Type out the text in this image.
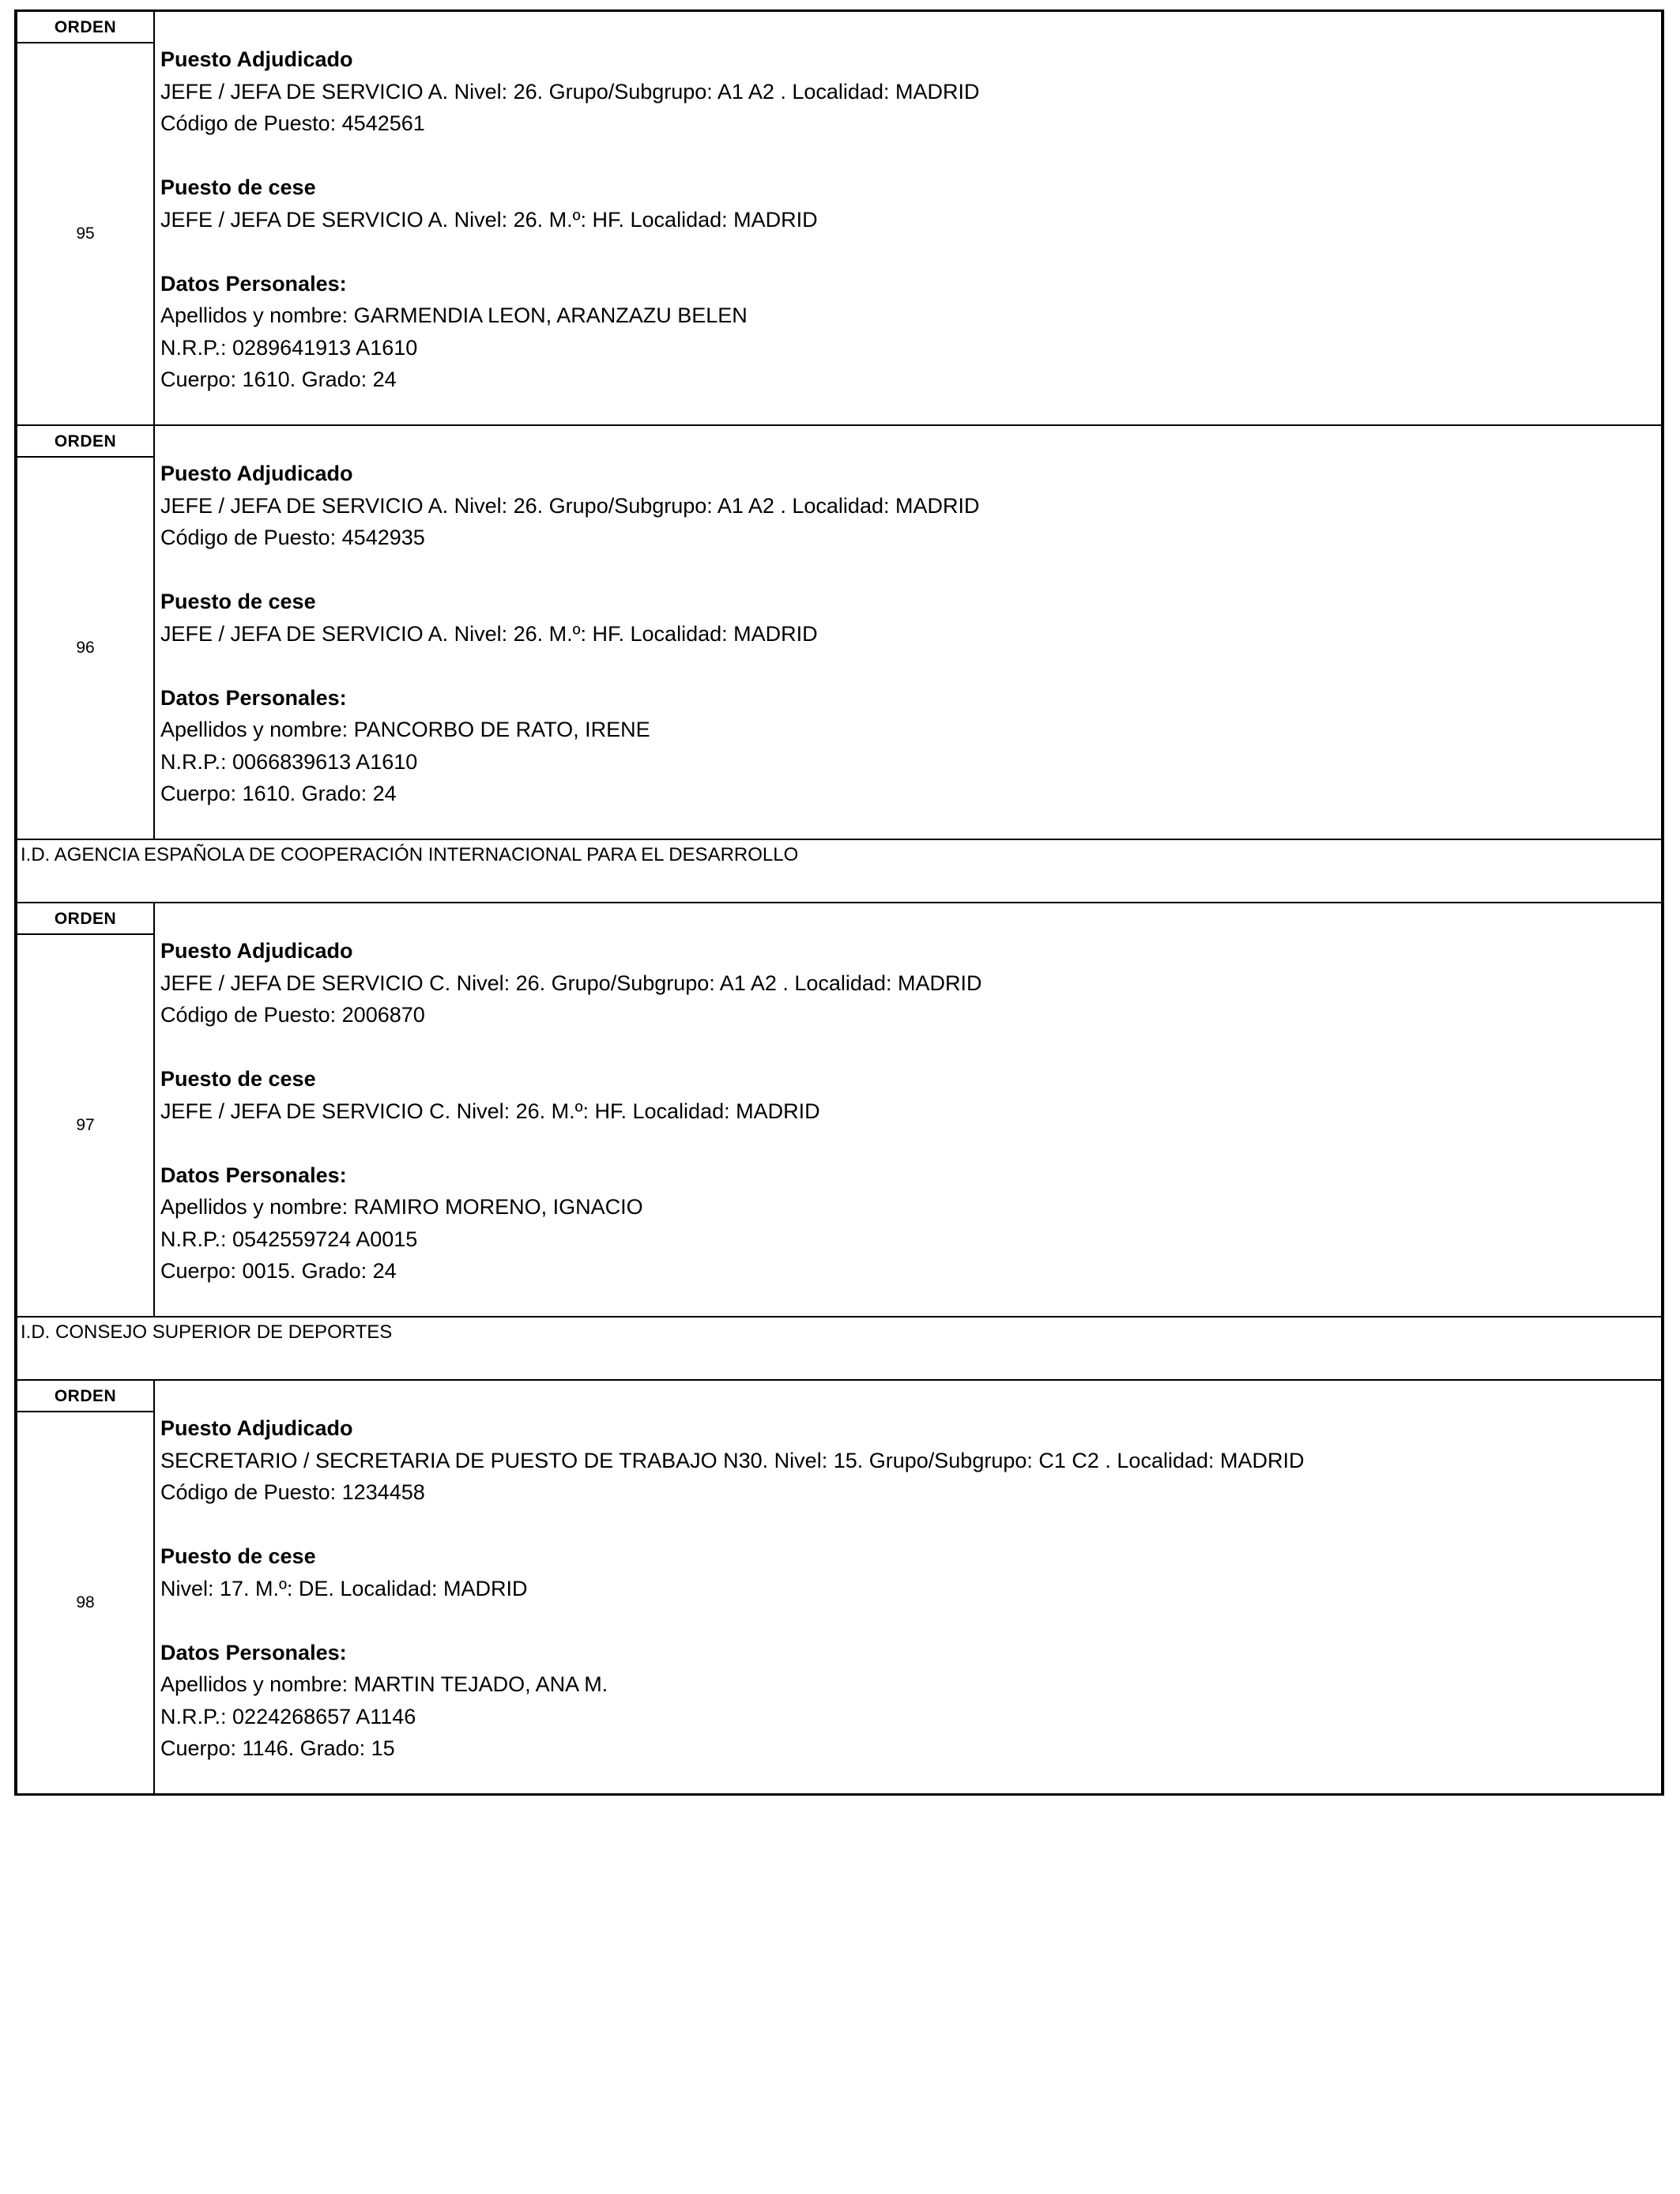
ORDEN
95
Puesto Adjudicado
JEFE / JEFA DE SERVICIO A. Nivel: 26. Grupo/Subgrupo: A1 A2 . Localidad: MADRID
Código de Puesto: 4542561
Puesto de cese
JEFE / JEFA DE SERVICIO A. Nivel: 26. M.º: HF. Localidad: MADRID
Datos Personales:
Apellidos y nombre: GARMENDIA LEON, ARANZAZU BELEN
N.R.P.: 0289641913 A1610
Cuerpo: 1610. Grado: 24
ORDEN
96
Puesto Adjudicado
JEFE / JEFA DE SERVICIO A. Nivel: 26. Grupo/Subgrupo: A1 A2 . Localidad: MADRID
Código de Puesto: 4542935
Puesto de cese
JEFE / JEFA DE SERVICIO A. Nivel: 26. M.º: HF. Localidad: MADRID
Datos Personales:
Apellidos y nombre: PANCORBO DE RATO, IRENE
N.R.P.: 0066839613 A1610
Cuerpo: 1610. Grado: 24
I.D. AGENCIA ESPAÑOLA DE COOPERACIÓN INTERNACIONAL PARA EL DESARROLLO
ORDEN
97
Puesto Adjudicado
JEFE / JEFA DE SERVICIO C. Nivel: 26. Grupo/Subgrupo: A1 A2 . Localidad: MADRID
Código de Puesto: 2006870
Puesto de cese
JEFE / JEFA DE SERVICIO C. Nivel: 26. M.º: HF. Localidad: MADRID
Datos Personales:
Apellidos y nombre: RAMIRO MORENO, IGNACIO
N.R.P.: 0542559724 A0015
Cuerpo: 0015. Grado: 24
I.D. CONSEJO SUPERIOR DE DEPORTES
ORDEN
98
Puesto Adjudicado
SECRETARIO / SECRETARIA DE PUESTO DE TRABAJO N30. Nivel: 15. Grupo/Subgrupo: C1 C2 . Localidad: MADRID
Código de Puesto: 1234458
Puesto de cese
Nivel: 17. M.º: DE. Localidad: MADRID
Datos Personales:
Apellidos y nombre: MARTIN TEJADO, ANA M.
N.R.P.: 0224268657 A1146
Cuerpo: 1146. Grado: 15
